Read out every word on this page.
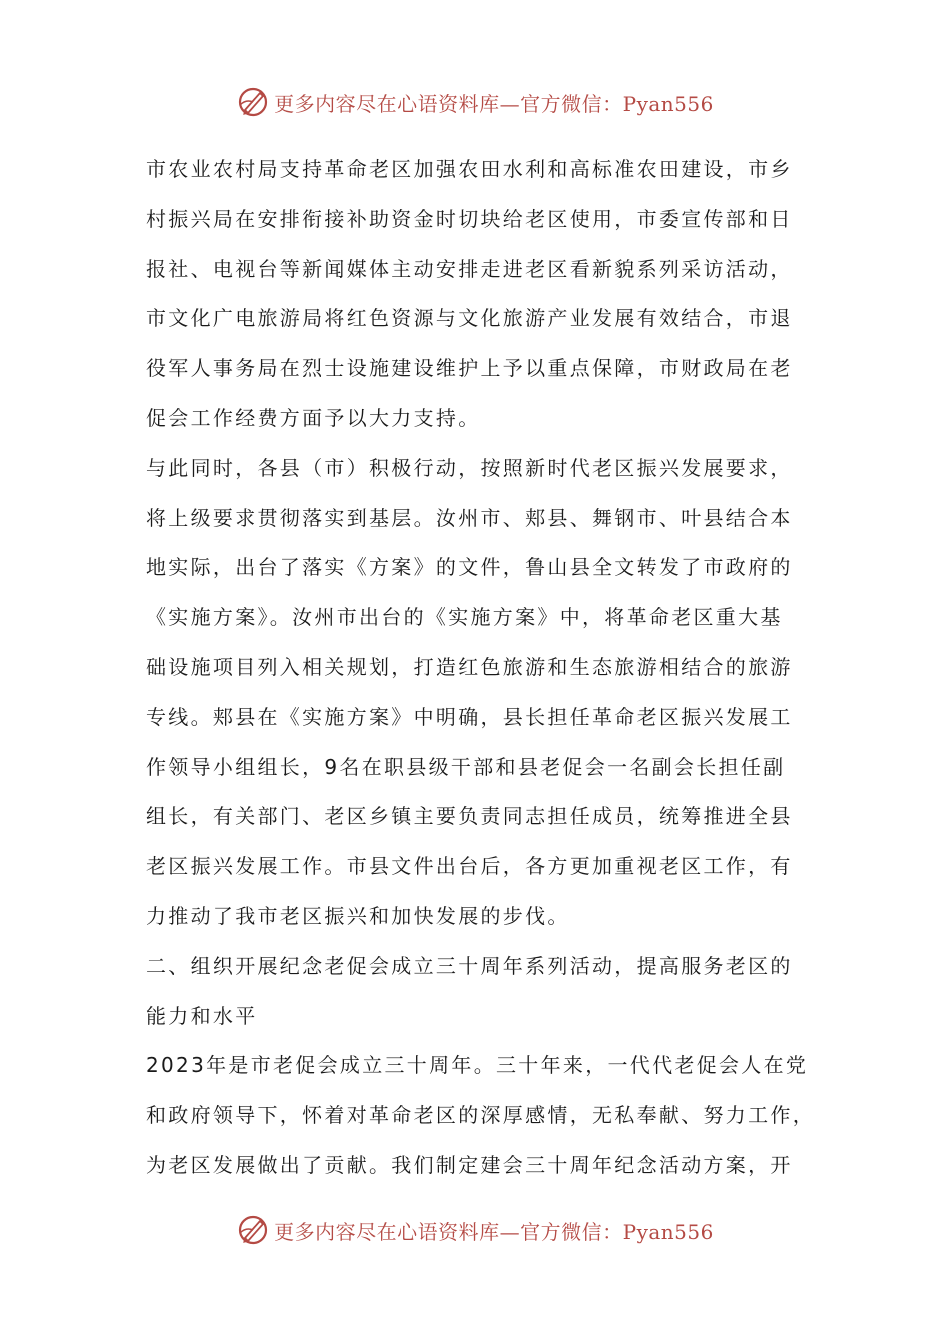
更多内容尽在心语资料库—官方微信：Pyan556
市农业农村局支持革命老区加强农田水利和高标准农田建设，市乡
村振兴局在安排衔接补助资金时切块给老区使用，市委宣传部和日
报社、电视台等新闻媒体主动安排走进老区看新貌系列采访活动，
市文化广电旅游局将红色资源与文化旅游产业发展有效结合，市退
役军人事务局在烈士设施建设维护上予以重点保障，市财政局在老
促会工作经费方面予以大力支持。
与此同时，各县（市）积极行动，按照新时代老区振兴发展要求，
将上级要求贯彻落实到基层。汝州市、郏县、舞钢市、叶县结合本
地实际，出台了落实《方案》的文件，鲁山县全文转发了市政府的
《实施方案》。汝州市出台的《实施方案》中，将革命老区重大基
础设施项目列入相关规划，打造红色旅游和生态旅游相结合的旅游
专线。郏县在《实施方案》中明确，县长担任革命老区振兴发展工
作领导小组组长，9名在职县级干部和县老促会一名副会长担任副
组长，有关部门、老区乡镇主要负责同志担任成员，统筹推进全县
老区振兴发展工作。市县文件出台后，各方更加重视老区工作，有
力推动了我市老区振兴和加快发展的步伐。
二、组织开展纪念老促会成立三十周年系列活动，提高服务老区的
能力和水平
2023年是市老促会成立三十周年。三十年来，一代代老促会人在党
和政府领导下，怀着对革命老区的深厚感情，无私奉献、努力工作，
为老区发展做出了贡献。我们制定建会三十周年纪念活动方案，开
更多内容尽在心语资料库—官方微信：Pyan556
